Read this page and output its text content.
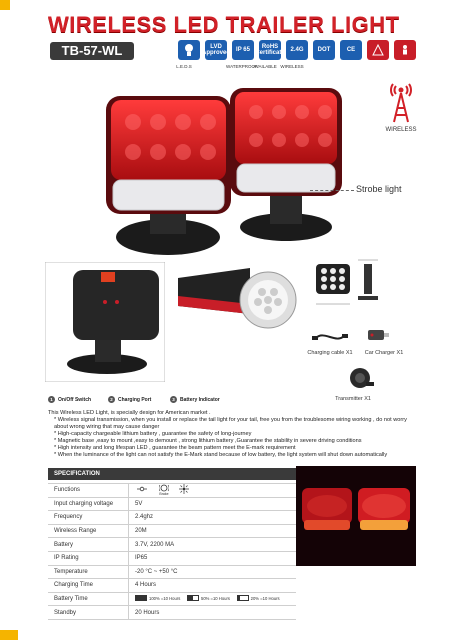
WIRELESS LED TRAILER LIGHT
TB-57-WL	LVD Approved	IP 65	RoHS Certificate 2.4G	DOT	CE
L.E.D.S	WATERPROOF
AVAILABLE WIRELESS
WIRELESS
Strobe light
1	On/Off Switch	2	Charging Port	3	Battery Indicator
Charging cable X1	Car Charger X1
Transmitter X1

This Wireless LED Light, is specially design for American market .

* Wireless signal transmission, when you install or replace the tail light for your tail, free you from the troublesome wiring working , do not worry about wrong wiring that may cause danger
* High-capacity chargeable lithium battery , guarantee the safety of long-journey
* Magnetic base ,easy to mount ,easy to demount , strong lithium battery ,Guarantee the stability in severe driving conditions
* High intensity and long lifespan LED , guarantee the beam pattern meet the E-mark requirement
* When the luminance of the light can not satisfy the E-Mark stand because of low battery, the light system will shut down automatically
SPECIFICATION
Functions	Brake

Input charging voltage	5V
Frequency	2.4ghz
Wireless Range	20M
Battery	3.7V, 2200 MA
IP Rating	IP65
Temperature	-20 °C ~ +50 °C
Charging Time	4 Hours
Battery Time	100% =10 Hours
50% =10 Hours
20% =10 Hours

Standby	20 Hours
